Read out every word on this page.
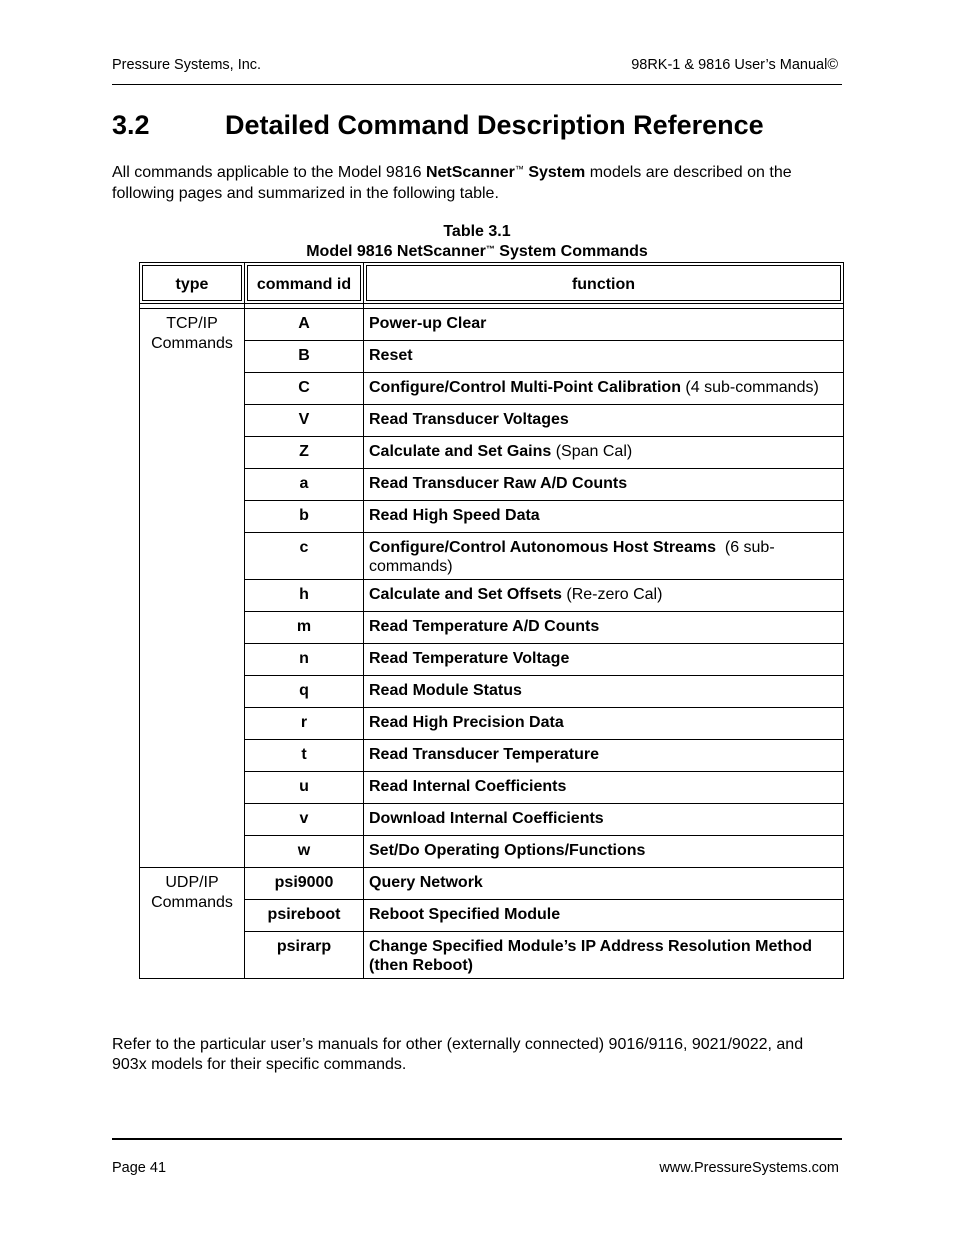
Pressure Systems, Inc.	98RK-1 & 9816 User’s Manual©
3.2	Detailed Command Description Reference
All commands applicable to the Model 9816 NetScanner™ System models are described on the following pages and summarized in the following table.
Table 3.1
Model 9816 NetScanner™ System Commands
type	command id	function

TCP/IP Commands	A	Power-up Clear
	B	Reset
	C	Configure/Control Multi-Point Calibration (4 sub-commands)
	V	Read Transducer Voltages
	Z	Calculate and Set Gains (Span Cal)
	a	Read Transducer Raw A/D Counts
	b	Read High Speed Data
	c	Configure/Control Autonomous Host Streams  (6 sub-commands)
	h	Calculate and Set Offsets (Re-zero Cal)
	m	Read Temperature A/D Counts
	n	Read Temperature Voltage
	q	Read Module Status
	r	Read High Precision Data
	t	Read Transducer Temperature
	u	Read Internal Coefficients
	v	Download Internal Coefficients
	w	Set/Do Operating Options/Functions
UDP/IP Commands	psi9000	Query Network
	psireboot	Reboot Specified Module
	psirarp	Change Specified Module’s IP Address Resolution Method (then Reboot)
Refer to the particular user’s manuals for other (externally connected) 9016/9116, 9021/9022, and 903x models for their specific commands.
Page 41	www.PressureSystems.com
